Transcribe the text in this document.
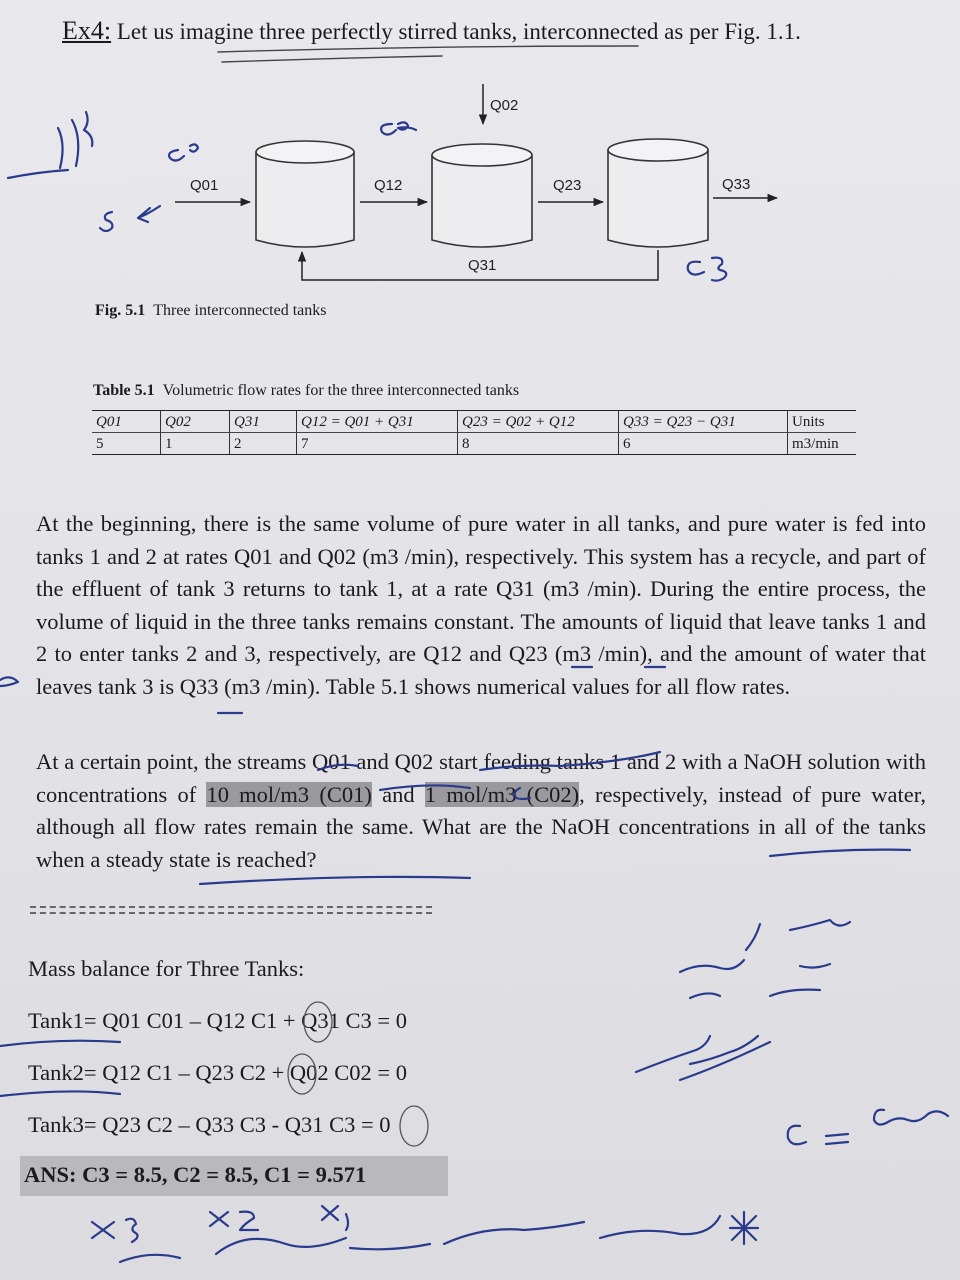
Ex4: Let us imagine three perfectly stirred tanks, interconnected as per Fig. 1.1.
Q02
Q01	Q12	Q23	Q33
Q31
Fig. 5.1 Three interconnected tanks
Table 5.1 Volumetric flow rates for the three interconnected tanks
Q01	Q02	Q31	Q12 = Q01 + Q31	Q23 = Q02 + Q12	Q33 = Q23 − Q31	Units
5	1	2	7	8	6	m3/min
At the beginning, there is the same volume of pure water in all tanks, and pure water is fed into tanks 1 and 2 at rates Q01 and Q02 (m3 /min), respectively. This system has a recycle, and part of the effluent of tank 3 returns to tank 1, at a rate Q31 (m3 /min). During the entire process, the volume of liquid in the three tanks remains constant. The amounts of liquid that leave tanks 1 and 2 to enter tanks 2 and 3, respectively, are Q12 and Q23 (m3 /min), and the amount of water that leaves tank 3 is Q33 (m3 /min). Table 5.1 shows numerical values for all flow rates.
At a certain point, the streams Q01 and Q02 start feeding tanks 1 and 2 with a NaOH solution with concentrations of 10 mol/m3 (C01) and 1 mol/m3 (C02), respectively, instead of pure water, although all flow rates remain the same. What are the NaOH concentrations in all of the tanks when a steady state is reached?
Mass balance for Three Tanks:
Tank1= Q01 C01 – Q12 C1 + Q31 C3 = 0
Tank2= Q12 C1 – Q23 C2 + Q02 C02 = 0
Tank3= Q23 C2 – Q33 C3 - Q31 C3 = 0
ANS: C3 = 8.5, C2 = 8.5, C1 = 9.571
